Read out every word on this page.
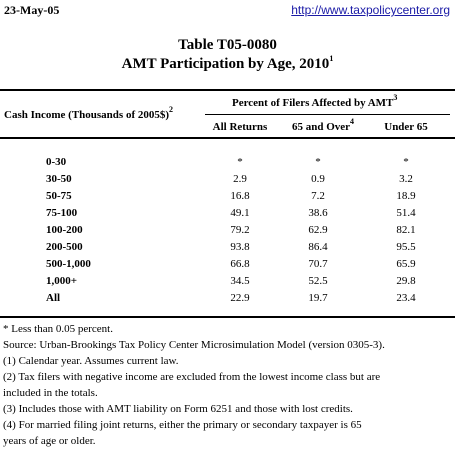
23-May-05	http://www.taxpolicycenter.org
Table T05-0080
AMT Participation by Age, 2010$^1$
Percent of Filers Affected by AMT$^3$
Cash Income (Thousands of 2005$)$^2$
All Returns	65 and Over$^4$	Under 65
0-30	*	*	*
30-50	2.9	0.9	3.2
50-75	16.8	7.2	18.9
75-100	49.1	38.6	51.4
100-200	79.2	62.9	82.1
200-500	93.8	86.4	95.5
500-1,000	66.8	70.7	65.9
1,000+	34.5	52.5	29.8
All	22.9	19.7	23.4
* Less than 0.05 percent.
Source: Urban-Brookings Tax Policy Center Microsimulation Model (version 0305-3).
(1) Calendar year. Assumes current law.
(2) Tax filers with negative income are excluded from the lowest income class but are
included in the totals.
(3) Includes those with AMT liability on Form 6251 and those with lost credits.
(4) For married filing joint returns, either the primary or secondary taxpayer is 65
years of age or older.
